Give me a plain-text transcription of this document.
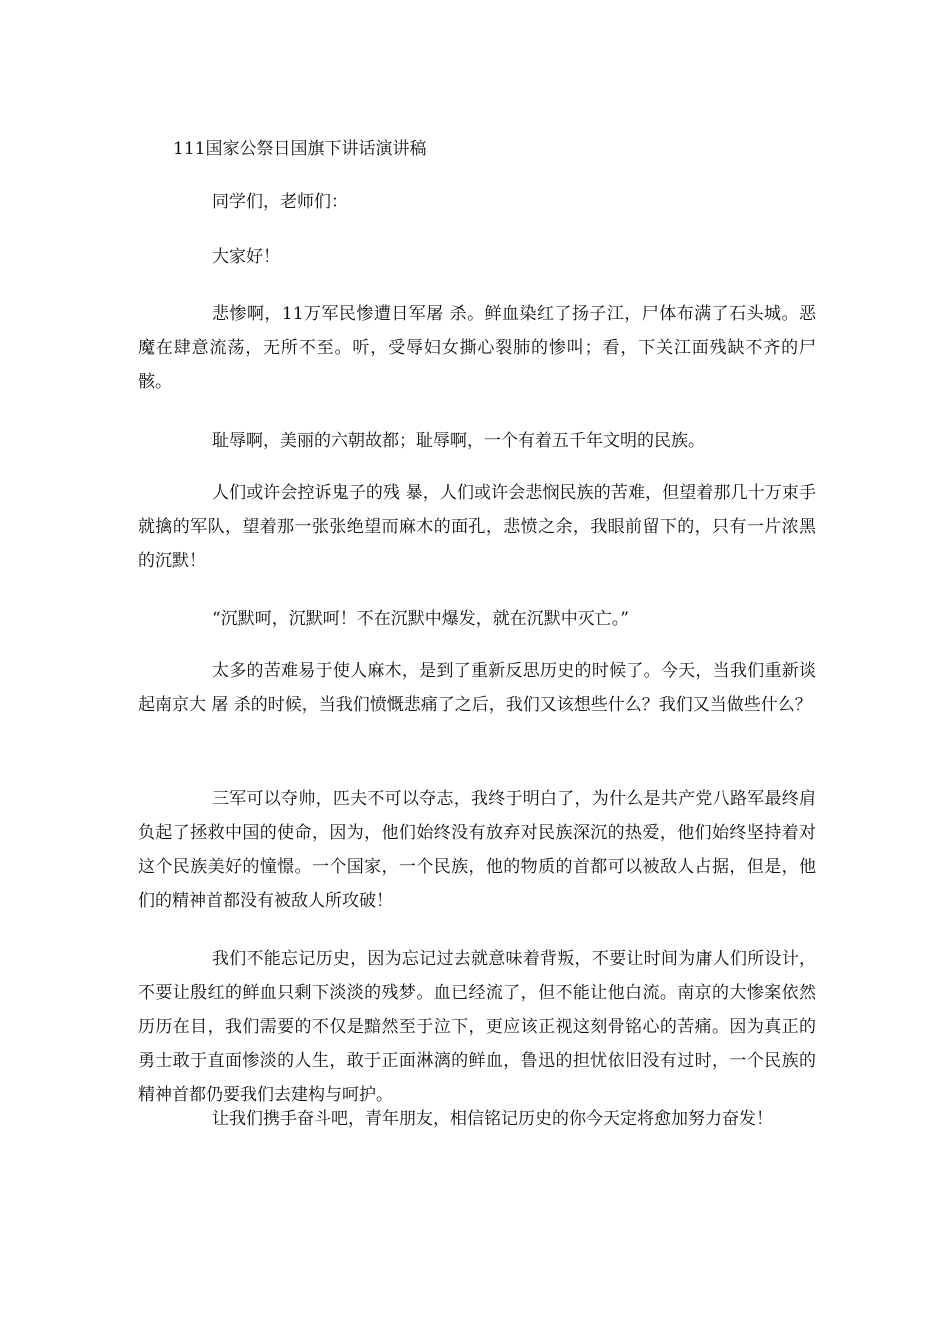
111国家公祭日国旗下讲话演讲稿

同学们，老师们：

大家好！

悲惨啊，11万军民惨遭日军屠 杀。鲜血染红了扬子江，尸体布满了石头城。恶魔在肆意流荡，无所不至。听，受辱妇女撕心裂肺的惨叫；看，下关江面残缺不齐的尸骸。

耻辱啊，美丽的六朝故都；耻辱啊，一个有着五千年文明的民族。

人们或许会控诉鬼子的残 暴，人们或许会悲悯民族的苦难，但望着那几十万束手就擒的军队，望着那一张张绝望而麻木的面孔，悲愤之余，我眼前留下的，只有一片浓黑的沉默！

“沉默呵，沉默呵！不在沉默中爆发，就在沉默中灭亡。”

太多的苦难易于使人麻木，是到了重新反思历史的时候了。今天，当我们重新谈起南京大 屠 杀的时候，当我们愤慨悲痛了之后，我们又该想些什么？我们又当做些什么？

三军可以夺帅，匹夫不可以夺志，我终于明白了，为什么是共产党八路军最终肩负起了拯救中国的使命，因为，他们始终没有放弃对民族深沉的热爱，他们始终坚持着对这个民族美好的憧憬。一个国家，一个民族，他的物质的首都可以被敌人占据，但是，他们的精神首都没有被敌人所攻破！

我们不能忘记历史，因为忘记过去就意味着背叛，不要让时间为庸人们所设计，不要让殷红的鲜血只剩下淡淡的残梦。血已经流了，但不能让他白流。南京的大惨案依然历历在目，我们需要的不仅是黯然至于泣下，更应该正视这刻骨铭心的苦痛。因为真正的勇士敢于直面惨淡的人生，敢于正面淋漓的鲜血，鲁迅的担忧依旧没有过时，一个民族的精神首都仍要我们去建构与呵护。

让我们携手奋斗吧，青年朋友，相信铭记历史的你今天定将愈加努力奋发！
